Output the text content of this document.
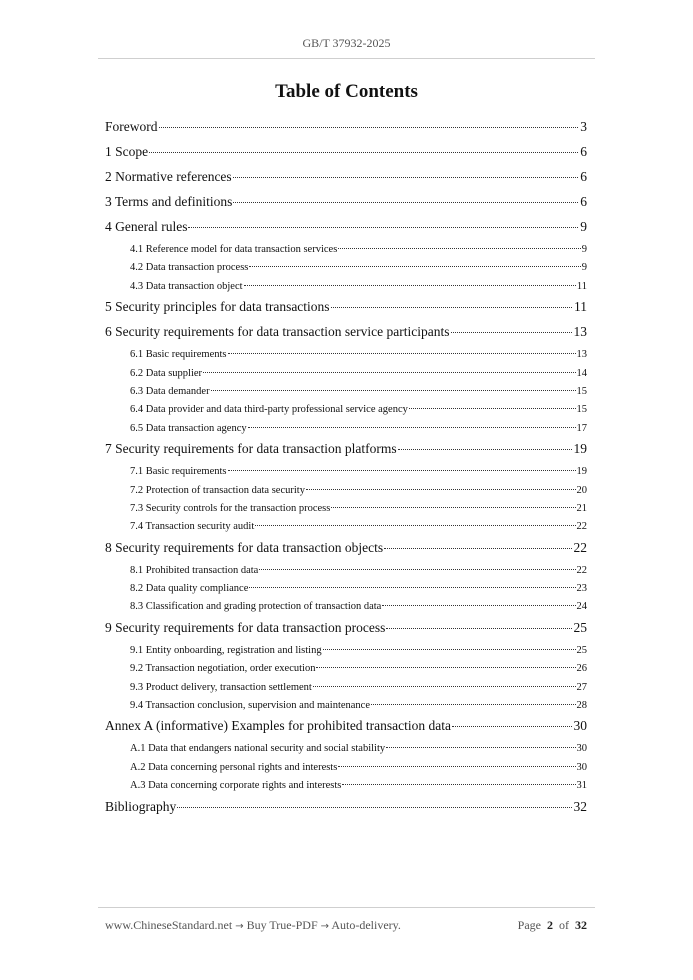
GB/T 37932-2025
Table of Contents
Foreword	3
1 Scope	6
2 Normative references	6
3 Terms and definitions	6
4 General rules	9
4.1 Reference model for data transaction services	9
4.2 Data transaction process	9
4.3 Data transaction object	11
5 Security principles for data transactions	11
6 Security requirements for data transaction service participants	13
6.1 Basic requirements	13
6.2 Data supplier	14
6.3 Data demander	15
6.4 Data provider and data third-party professional service agency	15
6.5 Data transaction agency	17
7 Security requirements for data transaction platforms	19
7.1 Basic requirements	19
7.2 Protection of transaction data security	20
7.3 Security controls for the transaction process	21
7.4 Transaction security audit	22
8 Security requirements for data transaction objects	22
8.1 Prohibited transaction data	22
8.2 Data quality compliance	23
8.3 Classification and grading protection of transaction data	24
9 Security requirements for data transaction process	25
9.1 Entity onboarding, registration and listing	25
9.2 Transaction negotiation, order execution	26
9.3 Product delivery, transaction settlement	27
9.4 Transaction conclusion, supervision and maintenance	28
Annex A (informative) Examples for prohibited transaction data	30
A.1 Data that endangers national security and social stability	30
A.2 Data concerning personal rights and interests	30
A.3 Data concerning corporate rights and interests	31
Bibliography	32
www.ChineseStandard.net → Buy True-PDF → Auto-delivery.	Page 2 of 32
